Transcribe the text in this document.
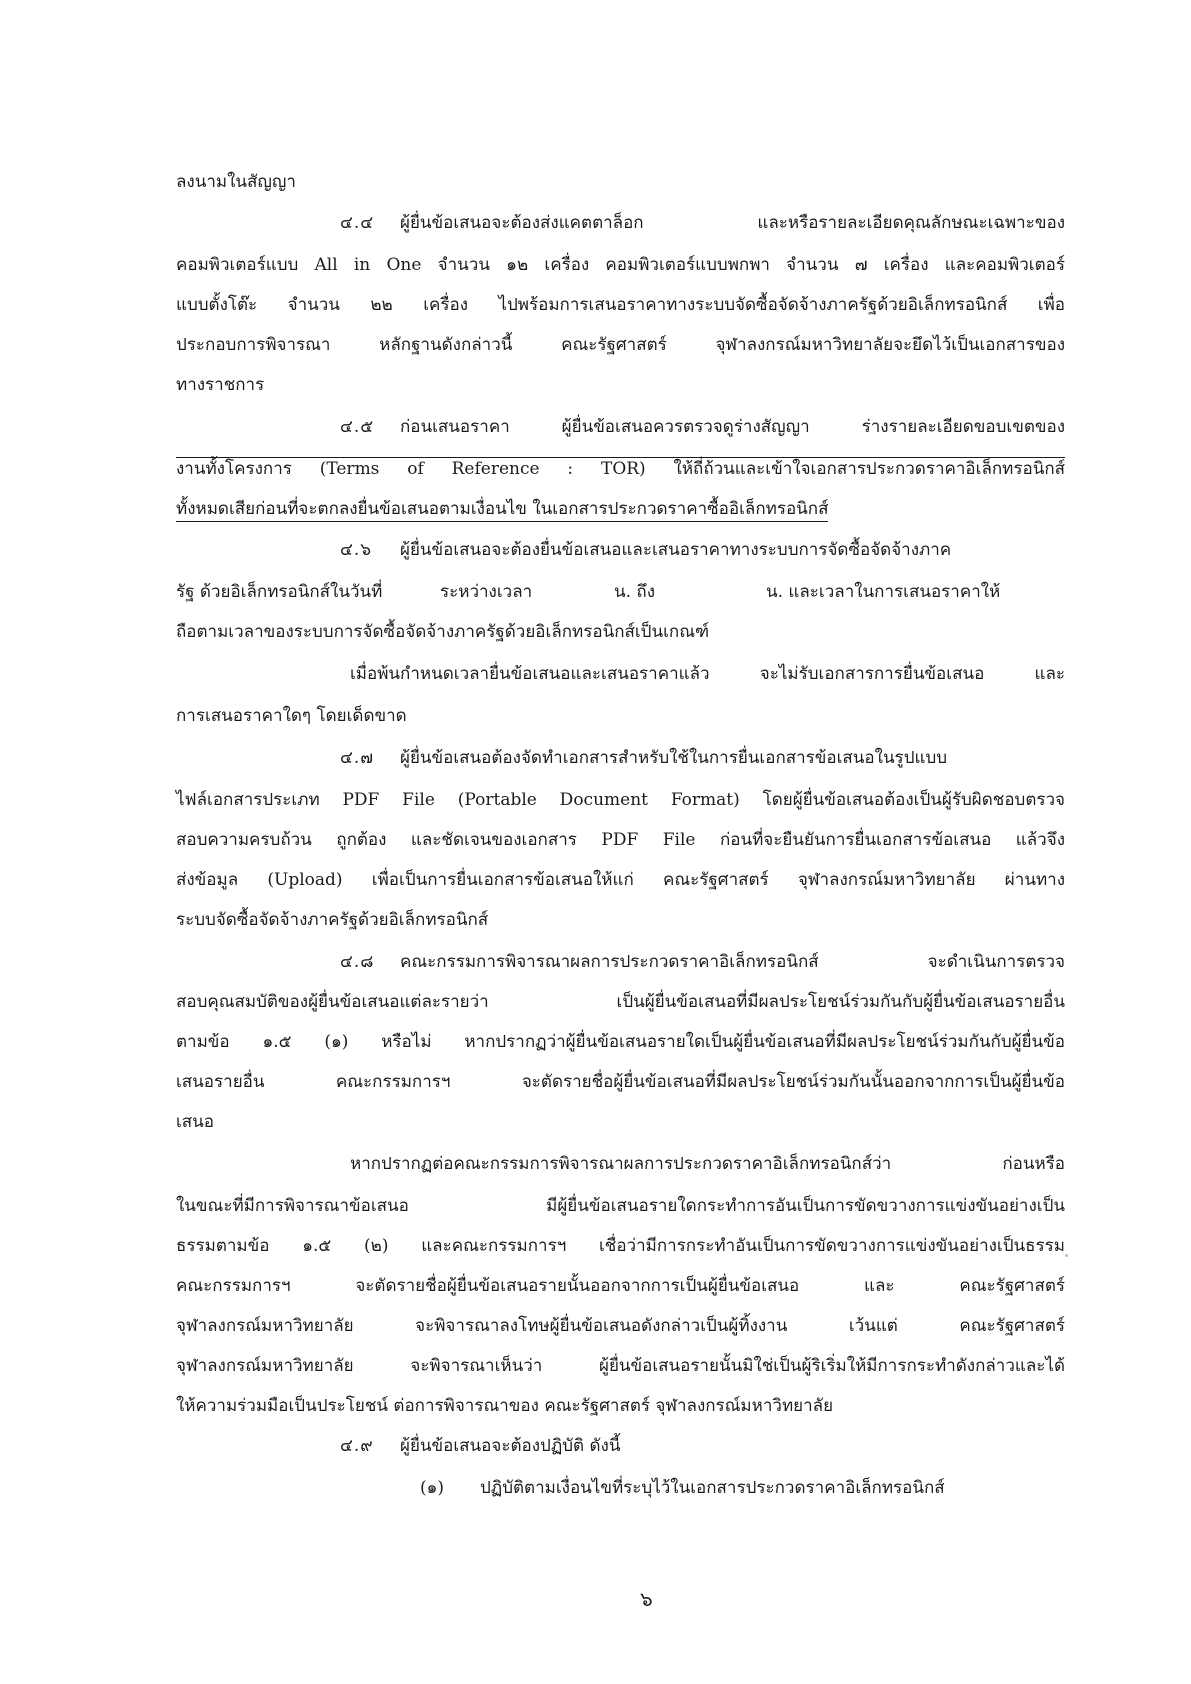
ลงนามในสัญญา
๔.๔ ผู้ยื่นข้อเสนอจะต้องส่งแคตตาล็อก และหรือรายละเอียดคุณลักษณะเฉพาะของ
คอมพิวเตอร์แบบ All in One จำนวน ๑๒ เครื่อง คอมพิวเตอร์แบบพกพา จำนวน ๗ เครื่อง และคอมพิวเตอร์
แบบตั้งโต๊ะ จำนวน ๒๒ เครื่อง ไปพร้อมการเสนอราคาทางระบบจัดซื้อจัดจ้างภาครัฐด้วยอิเล็กทรอนิกส์ เพื่อ
ประกอบการพิจารณา หลักฐานดังกล่าวนี้ คณะรัฐศาสตร์ จุฬาลงกรณ์มหาวิทยาลัยจะยึดไว้เป็นเอกสารของ
ทางราชการ
๔.๕ ก่อนเสนอราคา ผู้ยื่นข้อเสนอควรตรวจดูร่างสัญญา ร่างรายละเอียดขอบเขตของ
งานทั้งโครงการ (Terms of Reference : TOR) ให้ถี่ถ้วนและเข้าใจเอกสารประกวดราคาอิเล็กทรอนิกส์
ทั้งหมดเสียก่อนที่จะตกลงยื่นข้อเสนอตามเงื่อนไข ในเอกสารประกวดราคาซื้ออิเล็กทรอนิกส์
๔.๖ ผู้ยื่นข้อเสนอจะต้องยื่นข้อเสนอและเสนอราคาทางระบบการจัดซื้อจัดจ้างภาค
รัฐ ด้วยอิเล็กทรอนิกส์ในวันที่	ระหว่างเวลา	น. ถึง	น. และเวลาในการเสนอราคาให้
ถือตามเวลาของระบบการจัดซื้อจัดจ้างภาครัฐด้วยอิเล็กทรอนิกส์เป็นเกณฑ์
เมื่อพ้นกำหนดเวลายื่นข้อเสนอและเสนอราคาแล้ว จะไม่รับเอกสารการยื่นข้อเสนอ และ
การเสนอราคาใดๆ โดยเด็ดขาด
๔.๗ ผู้ยื่นข้อเสนอต้องจัดทำเอกสารสำหรับใช้ในการยื่นเอกสารข้อเสนอในรูปแบบ
ไฟล์เอกสารประเภท PDF File (Portable Document Format) โดยผู้ยื่นข้อเสนอต้องเป็นผู้รับผิดชอบตรวจ
สอบความครบถ้วน ถูกต้อง และชัดเจนของเอกสาร PDF File ก่อนที่จะยืนยันการยื่นเอกสารข้อเสนอ แล้วจึง
ส่งข้อมูล (Upload) เพื่อเป็นการยื่นเอกสารข้อเสนอให้แก่ คณะรัฐศาสตร์ จุฬาลงกรณ์มหาวิทยาลัย ผ่านทาง
ระบบจัดซื้อจัดจ้างภาครัฐด้วยอิเล็กทรอนิกส์
๔.๘ คณะกรรมการพิจารณาผลการประกวดราคาอิเล็กทรอนิกส์ จะดำเนินการตรวจ
สอบคุณสมบัติของผู้ยื่นข้อเสนอแต่ละรายว่า เป็นผู้ยื่นข้อเสนอที่มีผลประโยชน์ร่วมกันกับผู้ยื่นข้อเสนอรายอื่น
ตามข้อ ๑.๕ (๑) หรือไม่ หากปรากฏว่าผู้ยื่นข้อเสนอรายใดเป็นผู้ยื่นข้อเสนอที่มีผลประโยชน์ร่วมกันกับผู้ยื่นข้อ
เสนอรายอื่น คณะกรรมการฯ จะตัดรายชื่อผู้ยื่นข้อเสนอที่มีผลประโยชน์ร่วมกันนั้นออกจากการเป็นผู้ยื่นข้อ
เสนอ
หากปรากฏต่อคณะกรรมการพิจารณาผลการประกวดราคาอิเล็กทรอนิกส์ว่า ก่อนหรือ
ในขณะที่มีการพิจารณาข้อเสนอ มีผู้ยื่นข้อเสนอรายใดกระทำการอันเป็นการขัดขวางการแข่งขันอย่างเป็น
ธรรมตามข้อ ๑.๕ (๒) และคณะกรรมการฯ เชื่อว่ามีการกระทำอันเป็นการขัดขวางการแข่งขันอย่างเป็นธรรม
คณะกรรมการฯ จะตัดรายชื่อผู้ยื่นข้อเสนอรายนั้นออกจากการเป็นผู้ยื่นข้อเสนอ และ คณะรัฐศาสตร์
จุฬาลงกรณ์มหาวิทยาลัย จะพิจารณาลงโทษผู้ยื่นข้อเสนอดังกล่าวเป็นผู้ทิ้งงาน เว้นแต่ คณะรัฐศาสตร์
จุฬาลงกรณ์มหาวิทยาลัย จะพิจารณาเห็นว่า ผู้ยื่นข้อเสนอรายนั้นมิใช่เป็นผู้ริเริ่มให้มีการกระทำดังกล่าวและได้
ให้ความร่วมมือเป็นประโยชน์ ต่อการพิจารณาของ คณะรัฐศาสตร์ จุฬาลงกรณ์มหาวิทยาลัย
๔.๙ ผู้ยื่นข้อเสนอจะต้องปฏิบัติ ดังนี้
(๑) ปฏิบัติตามเงื่อนไขที่ระบุไว้ในเอกสารประกวดราคาอิเล็กทรอนิกส์
๖
